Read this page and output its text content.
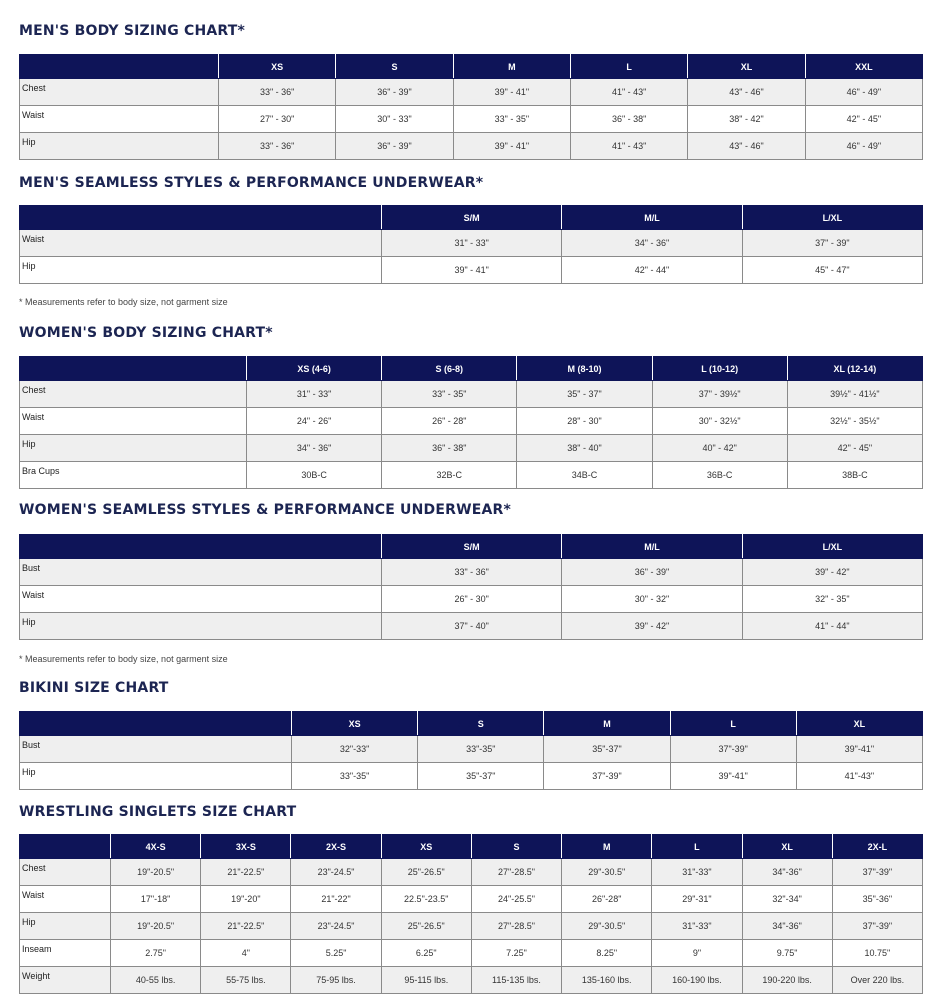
MEN'S BODY SIZING CHART*
	XS	S	M	L	XL	XXL
Chest	33" - 36"	36" - 39"	39" - 41"	41" - 43"	43" - 46"	46" - 49"
Waist	27" - 30"	30" - 33"	33" - 35"	36" - 38"	38" - 42"	42" - 45"
Hip	33" - 36"	36" - 39"	39" - 41"	41" - 43"	43" - 46"	46" - 49"
MEN'S SEAMLESS STYLES & PERFORMANCE UNDERWEAR*
	S/M	M/L	L/XL
Waist	31" - 33"	34" - 36"	37" - 39"
Hip	39" - 41"	42" - 44"	45" - 47"
* Measurements refer to body size, not garment size
WOMEN'S BODY SIZING CHART*
	XS (4-6)	S (6-8)	M (8-10)	L (10-12)	XL (12-14)
Chest	31" - 33"	33" - 35"	35" - 37"	37" - 39½"	39½" - 41½"
Waist	24" - 26"	26" - 28"	28" - 30"	30" - 32½"	32½" - 35½"
Hip	34" - 36"	36" - 38"	38" - 40"	40" - 42"	42" - 45"
Bra Cups	30B-C	32B-C	34B-C	36B-C	38B-C
WOMEN'S SEAMLESS STYLES & PERFORMANCE UNDERWEAR*
	S/M	M/L	L/XL
Bust	33" - 36"	36" - 39"	39" - 42"
Waist	26" - 30"	30" - 32"	32" - 35"
Hip	37" - 40"	39" - 42"	41" - 44"
* Measurements refer to body size, not garment size
BIKINI SIZE CHART
	XS	S	M	L	XL
Bust	32"-33"	33"-35"	35"-37"	37"-39"	39"-41"
Hip	33"-35"	35"-37"	37"-39"	39"-41"	41"-43"
WRESTLING SINGLETS SIZE CHART
	4X-S	3X-S	2X-S	XS	S	M	L	XL	2X-L
Chest	19"-20.5"	21"-22.5"	23"-24.5"	25"-26.5"	27"-28.5"	29"-30.5"	31"-33"	34"-36"	37"-39"
Waist	17"-18"	19"-20"	21"-22"	22.5"-23.5"	24"-25.5"	26"-28"	29"-31"	32"-34"	35"-36"
Hip	19"-20.5"	21"-22.5"	23"-24.5"	25"-26.5"	27"-28.5"	29"-30.5"	31"-33"	34"-36"	37"-39"
Inseam	2.75"	4"	5.25"	6.25"	7.25"	8.25"	9"	9.75"	10.75"
Weight	40-55 lbs.	55-75 lbs.	75-95 lbs.	95-115 lbs.	115-135 lbs.	135-160 lbs.	160-190 lbs.	190-220 lbs.	Over 220 lbs.
